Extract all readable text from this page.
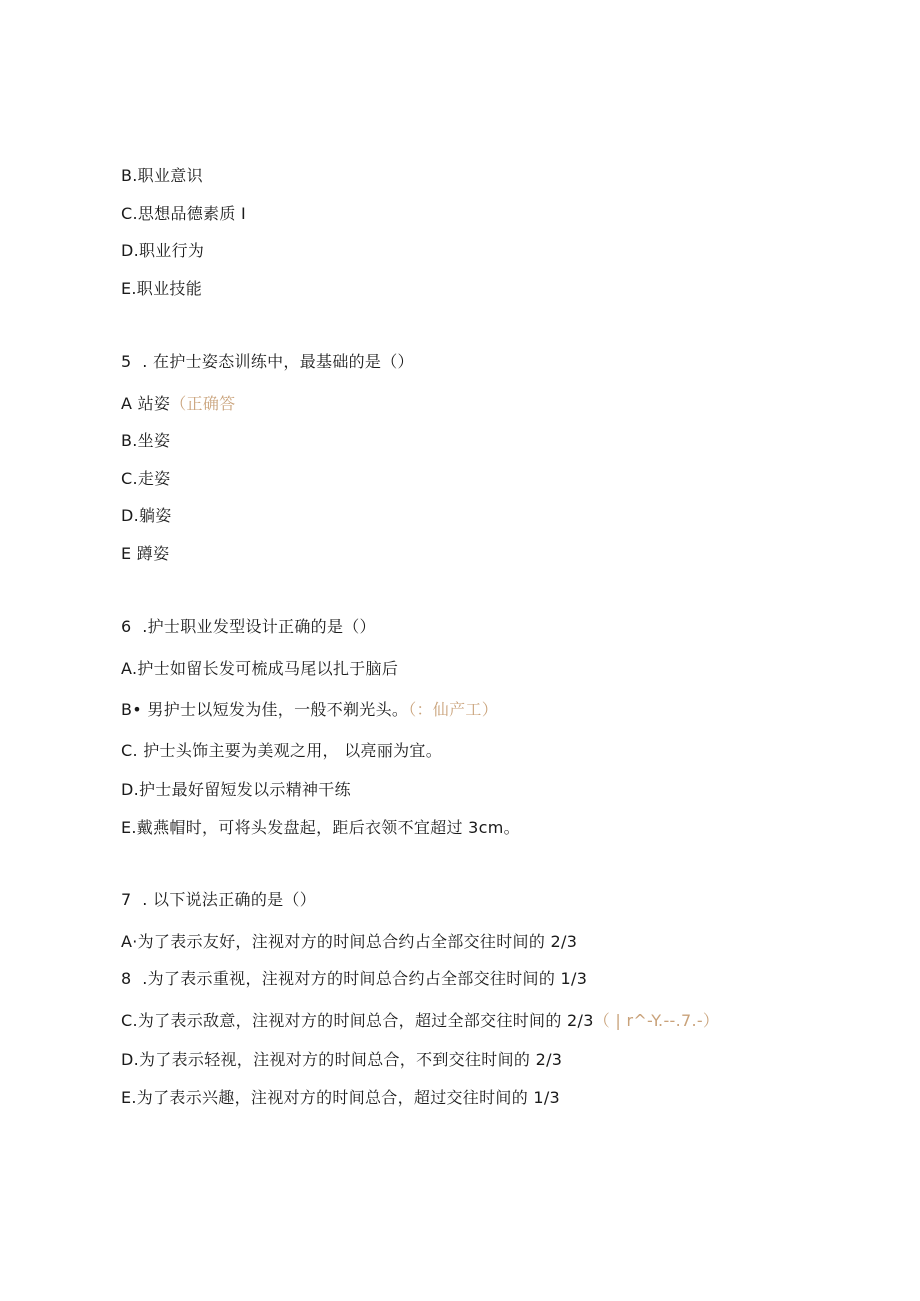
B.职业意识
C.思想品德素质 I
D.职业行为
E.职业技能
5  . 在护士姿态训练中，最基础的是（）
A 站姿（正确答
B.坐姿
C.走姿
D.躺姿
E 蹲姿
6  .护士职业发型设计正确的是（）
A.护士如留长发可梳成马尾以扎于脑后
B• 男护士以短发为佳，一般不剃光头。（：仙产工）
C. 护士头饰主要为美观之用， 以亮丽为宜。
D.护士最好留短发以示精神干练
E.戴燕帽时，可将头发盘起，距后衣领不宜超过 3cm。
7  . 以下说法正确的是（）
A·为了表示友好，注视对方的时间总合约占全部交往时间的 2/3
8  .为了表示重视，注视对方的时间总合约占全部交往时间的 1/3
C.为了表示敌意，注视对方的时间总合，超过全部交往时间的 2/3（ | r^-Y.--.7.-）
D.为了表示轻视，注视对方的时间总合，不到交往时间的 2/3
E.为了表示兴趣，注视对方的时间总合，超过交往时间的 1/3
